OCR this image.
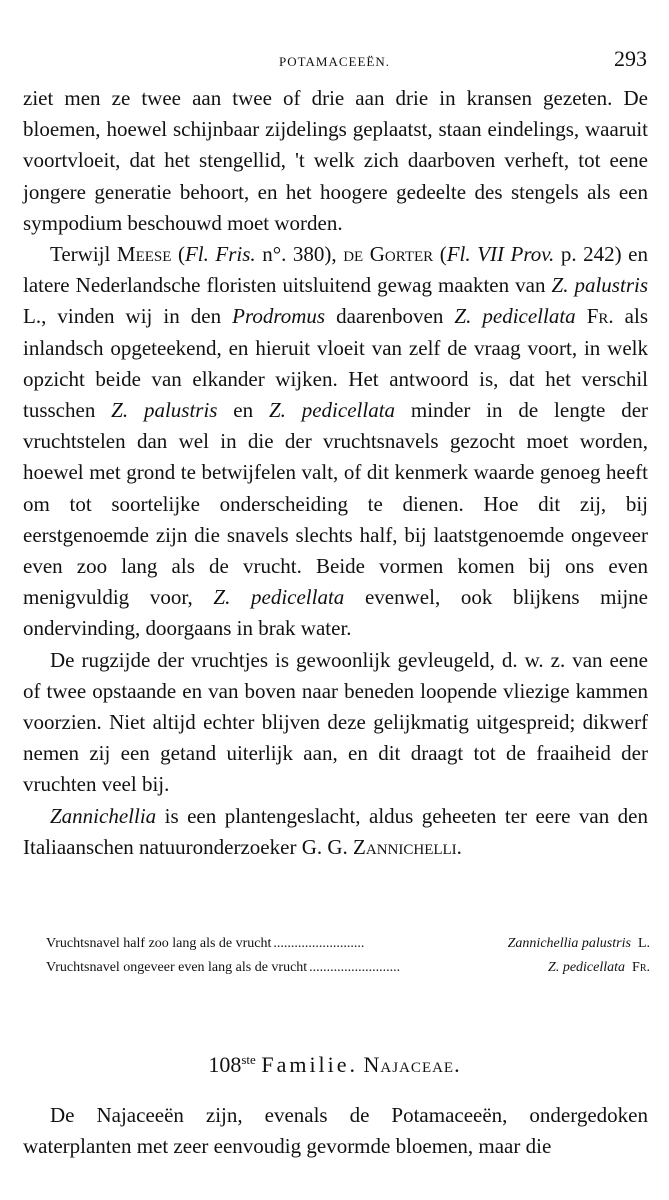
POTAMACEEËN.	293

ziet men ze twee aan twee of drie aan drie in kransen gezeten. De bloemen, hoewel schijnbaar zijdelings geplaatst, staan eindelings, waaruit voortvloeit, dat het stengellid, 't welk zich daarboven verheft, tot eene jongere generatie behoort, en het hoogere gedeelte des stengels als een sympodium beschouwd moet worden.

Terwijl Meese (Fl. Fris. n°. 380), de Gorter (Fl. VII Prov. p. 242) en latere Nederlandsche floristen uitsluitend gewag maakten van Z. palustris L., vinden wij in den Prodromus daarenboven Z. pedicellata Fr. als inlandsch opgeteekend, en hieruit vloeit van zelf de vraag voort, in welk opzicht beide van elkander wijken. Het antwoord is, dat het verschil tusschen Z. palustris en Z. pedicellata minder in de lengte der vruchtstelen dan wel in die der vruchtsnavels gezocht moet worden, hoewel met grond te betwijfelen valt, of dit kenmerk waarde genoeg heeft om tot soortelijke onderscheiding te dienen. Hoe dit zij, bij eerstgenoemde zijn die snavels slechts half, bij laatstgenoemde ongeveer even zoo lang als de vrucht. Beide vormen komen bij ons even menigvuldig voor, Z. pedicellata evenwel, ook blijkens mijne ondervinding, doorgaans in brak water.

De rugzijde der vruchtjes is gewoonlijk gevleugeld, d. w. z. van eene of twee opstaande en van boven naar beneden loopende vliezige kammen voorzien. Niet altijd echter blijven deze gelijkmatig uitgespreid; dikwerf nemen zij een getand uiterlijk aan, en dit draagt tot de fraaiheid der vruchten veel bij.

Zannichellia is een plantengeslacht, aldus geheeten ter eere van den Italiaanschen natuuronderzoeker G. G. Zannichelli.

Vruchtsnavel half zoo lang als de vrucht ..........................	Zannichellia palustris L.
Vruchtsnavel ongeveer even lang als de vrucht ..........................	Z. pedicellata Fr.
108ste Familie. Najaceae.

De Najaceeën zijn, evenals de Potamaceeën, ondergedoken waterplanten met zeer eenvoudig gevormde bloemen, maar die
